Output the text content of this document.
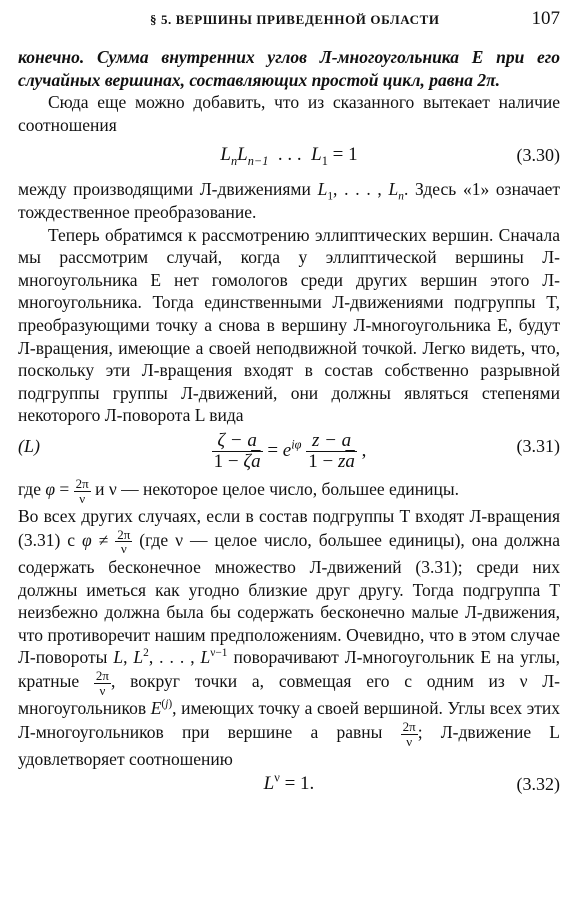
§ 5. ВЕРШИНЫ ПРИВЕДЕННОЙ ОБЛАСТИ	107

конечно. Сумма внутренних углов Л-многоугольника E при его случайных вершинах, составляющих простой цикл, равна 2π.

Сюда еще можно добавить, что из сказанного вытекает наличие соотношения

$L_nL_{n-1}$  . . .  $L_1 = 1$	(3.30)

между производящими Л-движениями $L_1$, . . . , $L_n$. Здесь «1» означает тождественное преобразование.

Теперь обратимся к рассмотрению эллиптических вершин. Сначала мы рассмотрим случай, когда у эллиптической вершины Л-многоугольника E нет гомологов среди других вершин этого Л-многоугольника. Тогда единственными Л-движениями подгруппы T, преобразующими точку a снова в вершину Л-многоугольника E, будут Л-вращения, имеющие a своей неподвижной точкой. Легко видеть, что, поскольку эти Л-вращения входят в состав собственно разрывной подгруппы группы Л-движений, они должны являться степенями некоторого Л-поворота L вида

(L)	$\frac{\zeta - a}{1 - \zeta\overline{a}} = e^{i\varphi} \frac{z - a}{1 - z\overline{a}}$ ,	(3.31)

где $\varphi = \frac{2\pi}{\nu}$ и ν — некоторое целое число, большее единицы.

Во всех других случаях, если в состав подгруппы T входят Л-вращения (3.31) с $\varphi \ne \frac{2\pi}{\nu} (где$ ν — целое число, большее единицы), она должна содержать бесконечное множество Л-движений (3.31); среди них должны иметься как угодно близкие друг другу. Тогда подгруппа T неизбежно должна была бы содержать бесконечно малые Л-движения, что противоречит нашим предположениям. Очевидно, что в этом случае Л-повороты L, $L^2$, . . . , $L^{\nu-1}$ поворачивают Л-многоугольник E на углы, кратные $\frac{2\pi}{\nu}$ , вокруг точки a, совмещая его с одним из ν Л-многоугольников $E^{(j)}$, имеющих точку a своей вершиной. Углы всех этих Л-многоугольников при вершине a равны $\frac{2\pi}{\nu}$ ; Л-движение L удовлетворяет соотношению

$L^\nu = 1$.	(3.32)
